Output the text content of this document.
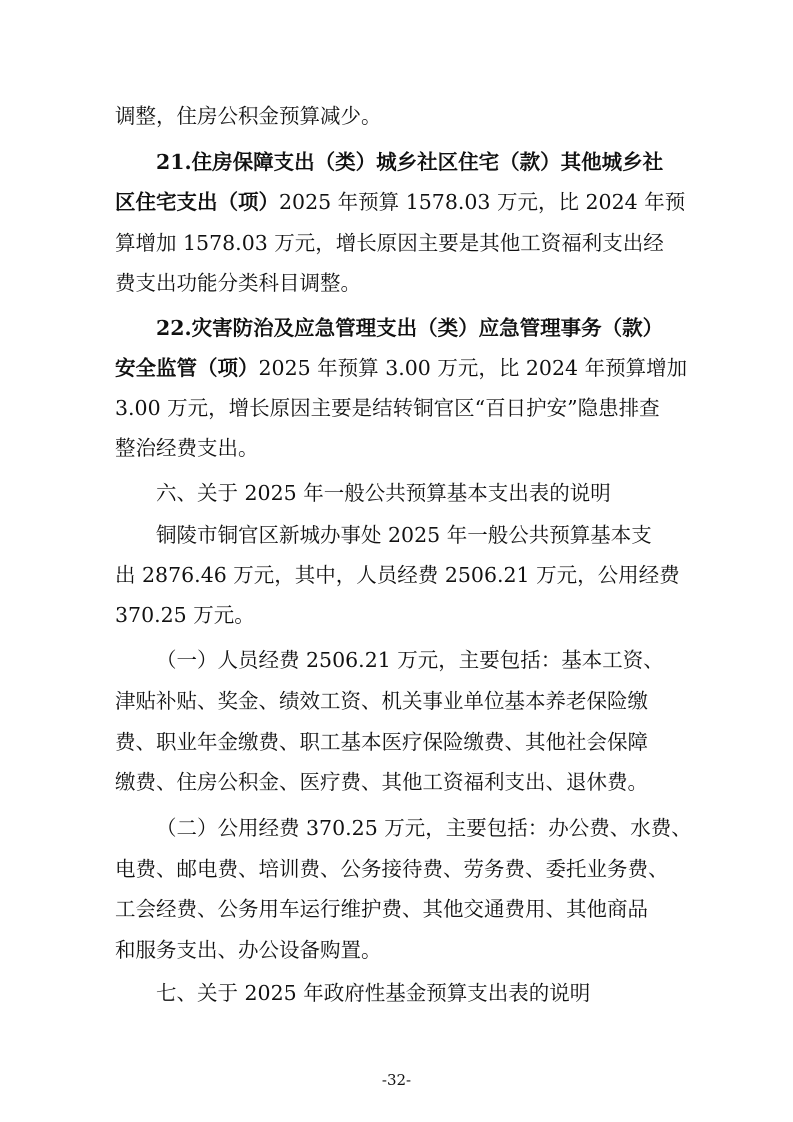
调整，住房公积金预算减少。

21.住房保障支出（类）城乡社区住宅（款）其他城乡社

区住宅支出（项）2025 年预算 1578.03 万元，比 2024 年预

算增加 1578.03 万元，增长原因主要是其他工资福利支出经

费支出功能分类科目调整。

22.灾害防治及应急管理支出（类）应急管理事务（款）

安全监管（项）2025 年预算 3.00 万元，比 2024 年预算增加

3.00 万元，增长原因主要是结转铜官区“百日护安”隐患排查

整治经费支出。

六、关于 2025 年一般公共预算基本支出表的说明

铜陵市铜官区新城办事处 2025 年一般公共预算基本支

出 2876.46 万元，其中，人员经费 2506.21 万元，公用经费

370.25 万元。

（一）人员经费 2506.21 万元，主要包括：基本工资、

津贴补贴、奖金、绩效工资、机关事业单位基本养老保险缴

费、职业年金缴费、职工基本医疗保险缴费、其他社会保障

缴费、住房公积金、医疗费、其他工资福利支出、退休费。

（二）公用经费 370.25 万元，主要包括：办公费、水费、

电费、邮电费、培训费、公务接待费、劳务费、委托业务费、

工会经费、公务用车运行维护费、其他交通费用、其他商品

和服务支出、办公设备购置。

七、关于 2025 年政府性基金预算支出表的说明

-32-
